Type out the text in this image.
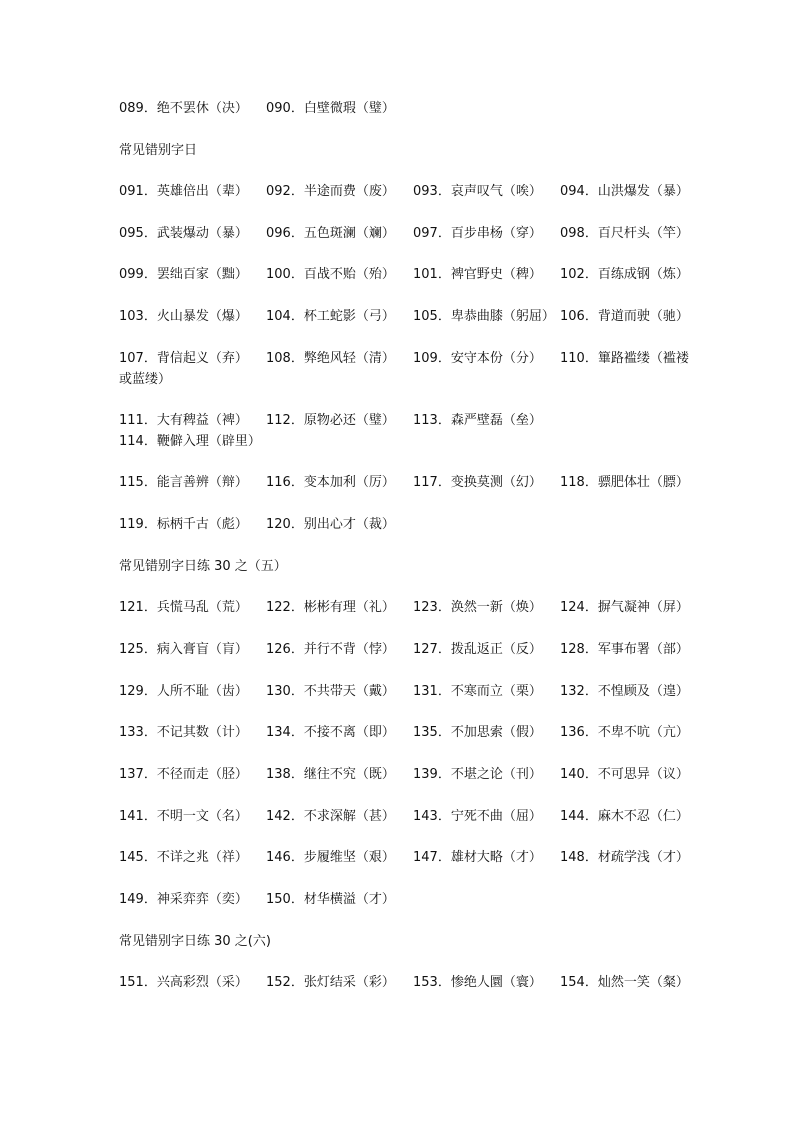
089．绝不罢休（决） 090．白壁微瑕（璧）
常见错别字日
091．英雄倍出（辈） 092．半途而费（废） 093．哀声叹气（唉） 094．山洪爆发（暴）
095．武装爆动（暴） 096．五色斑澜（斓） 097．百步串杨（穿） 098．百尺杆头（竿）
099．罢绌百家（黜） 100．百战不贻（殆） 101．裨官野史（稗） 102．百练成钢（炼）
103．火山暴发（爆） 104．杯工蛇影（弓） 105．卑恭曲膝（躬屈） 106．背道而驶（驰）
107．背信起义（弃） 108．弊绝风轻（清） 109．安守本份（分） 110．篳路褴缕（褴褛或蓝缕）
111．大有稗益（裨） 112．原物必还（璧） 113．森严壁磊（垒）114．鞭僻入理（辟里）
115．能言善辨（辩） 116．变本加利（厉） 117．变换莫测（幻） 118．骠肥体壮（膘）
119．标柄千古（彪） 120．别出心才（裁）
常见错别字日练 30 之（五）
121．兵慌马乱（荒） 122．彬彬有理（礼） 123．涣然一新（焕） 124．摒气凝神（屏）
125．病入膏盲（肓） 126．并行不背（悖） 127．拨乱返正（反） 128．军事布署（部）
129．人所不耻（齿） 130．不共带天（戴） 131．不寒而立（栗） 132．不惶顾及（遑）
133．不记其数（计） 134．不接不离（即） 135．不加思索（假） 136．不卑不吭（亢）
137．不径而走（胫） 138．继往不究（既） 139．不堪之论（刊） 140．不可思异（议）
141．不明一文（名） 142．不求深解（甚） 143．宁死不曲（屈） 144．麻木不忍（仁）
145．不详之兆（祥） 146．步履维坚（艰） 147．雄材大略（才） 148．材疏学浅（才）
149．神采弈弈（奕） 150．材华横溢（才）
常见错别字日练 30 之(六)
151．兴高彩烈（采） 152．张灯结采（彩） 153．惨绝人圜（寰） 154．灿然一笑（粲）
